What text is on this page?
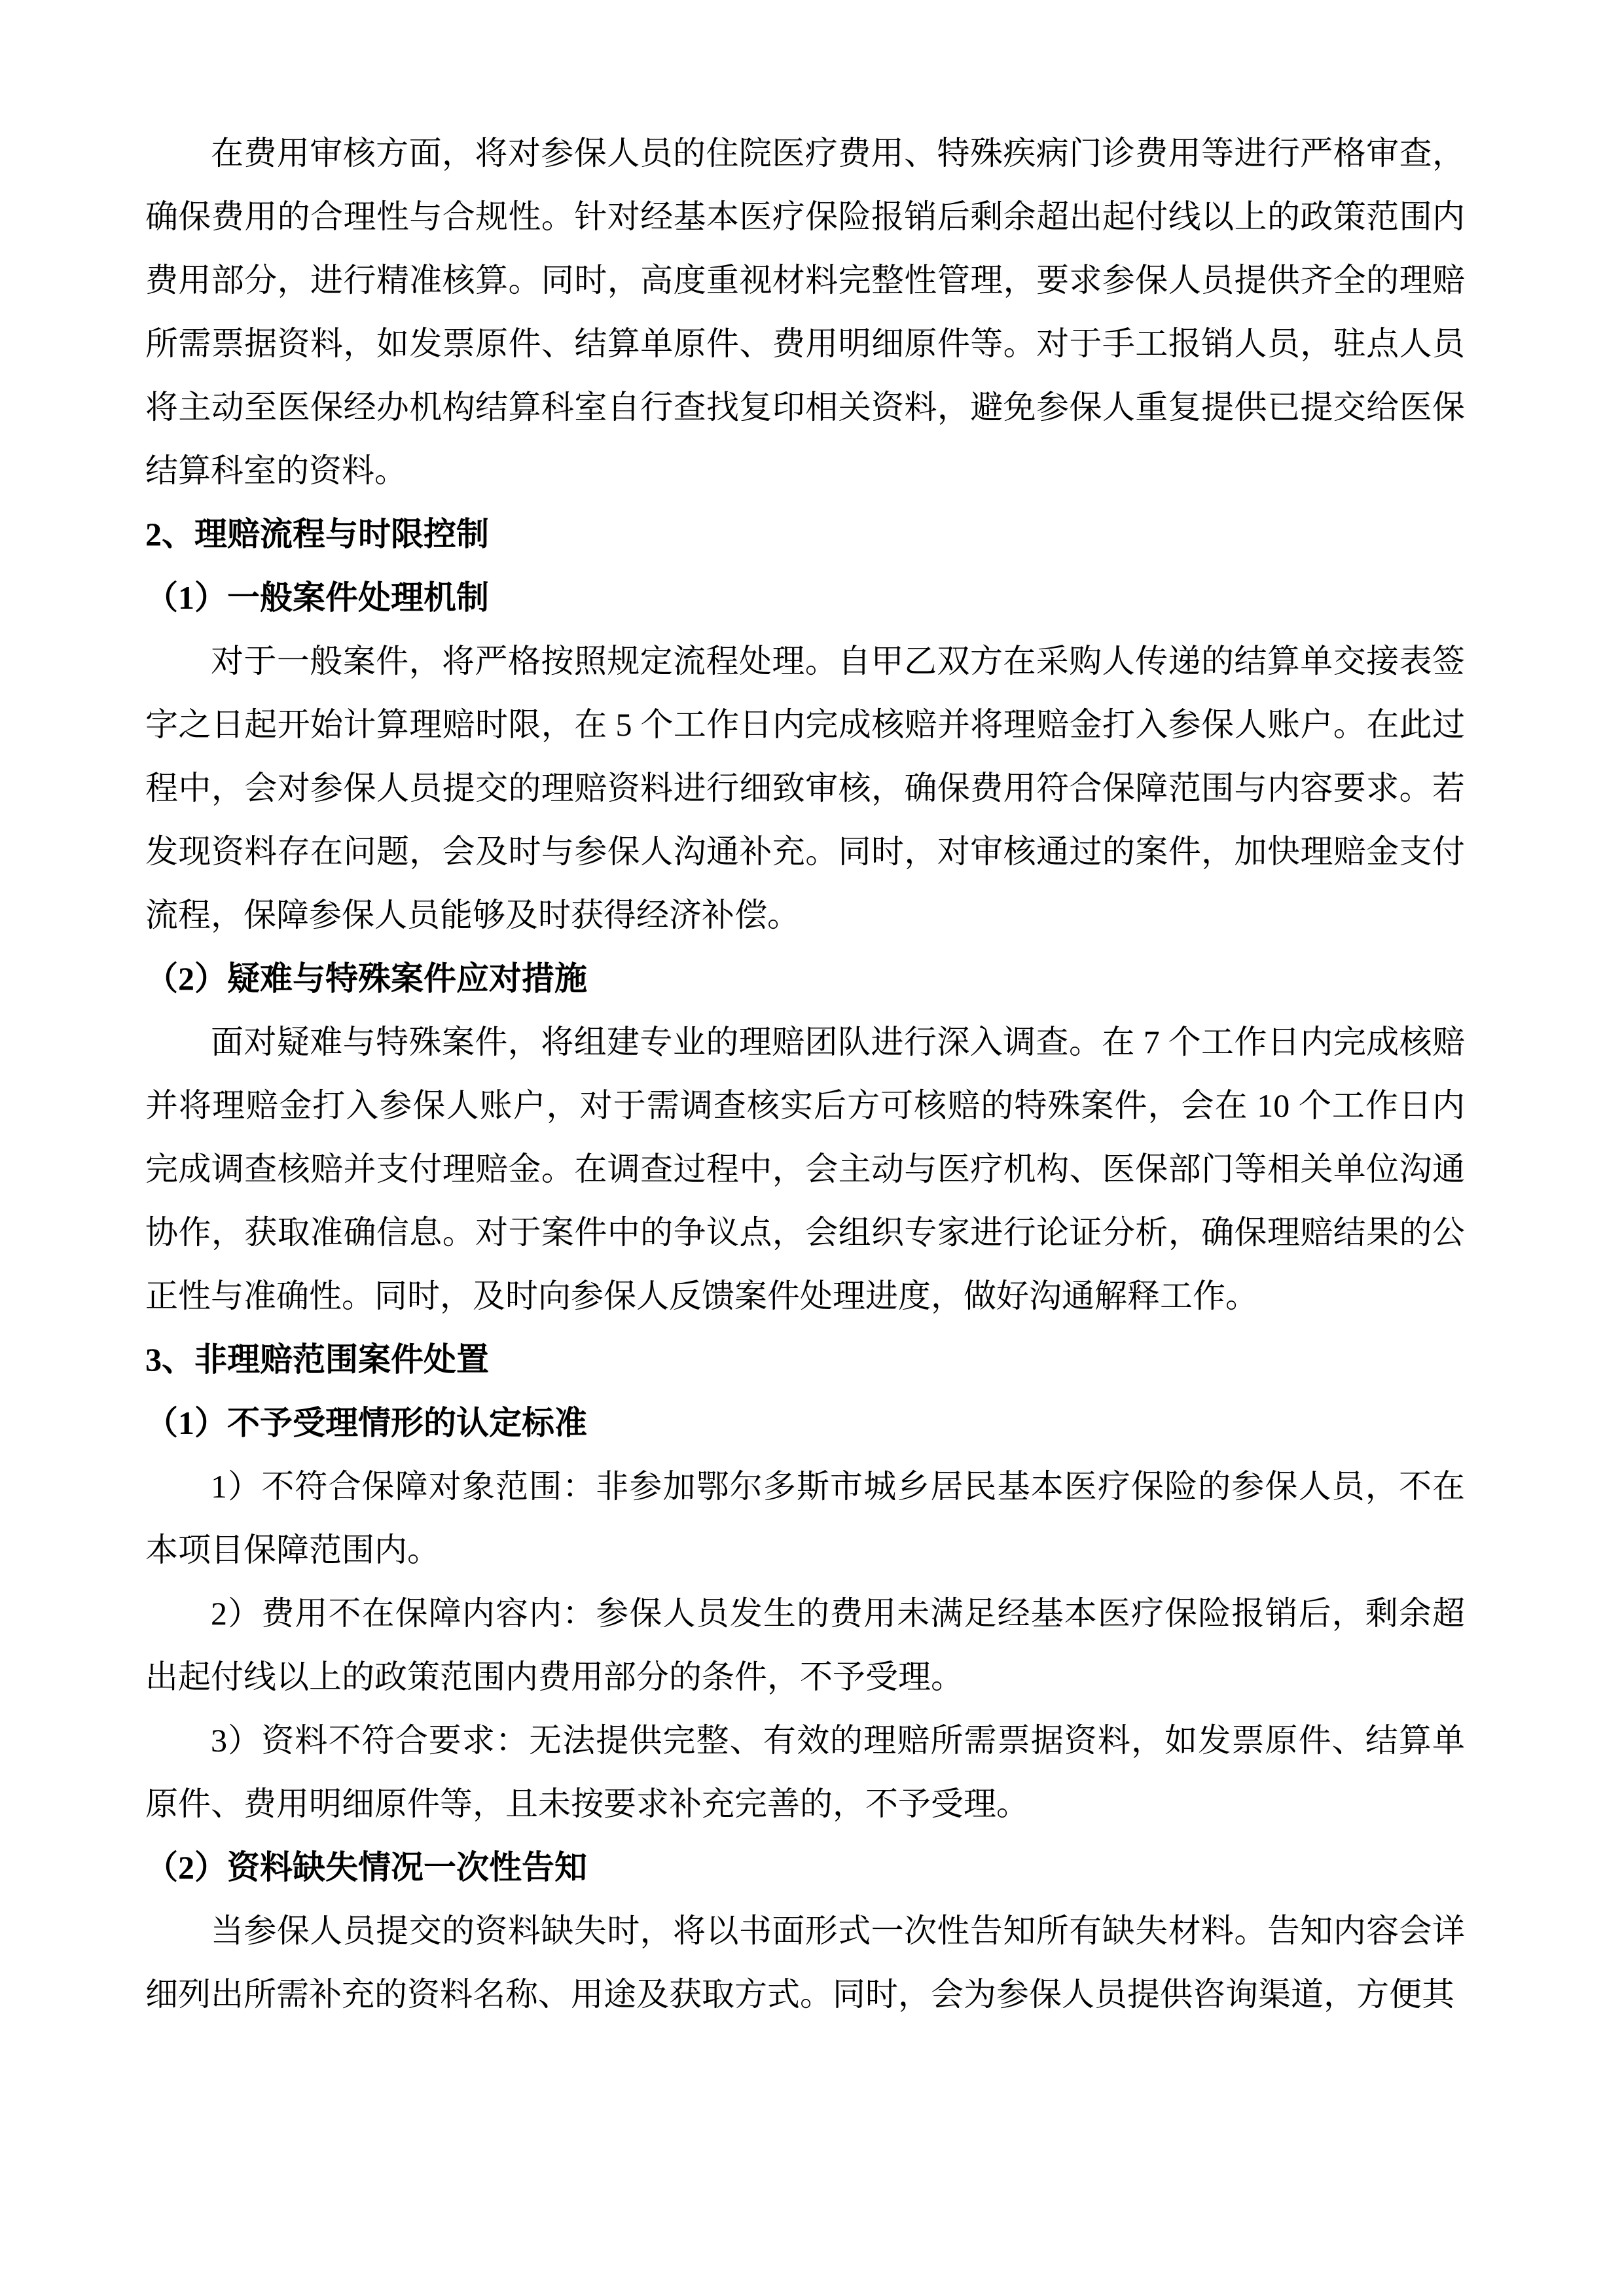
在费用审核方面，将对参保人员的住院医疗费用、特殊疾病门诊费用等进行严格审查，确保费用的合理性与合规性。针对经基本医疗保险报销后剩余超出起付线以上的政策范围内费用部分，进行精准核算。同时，高度重视材料完整性管理，要求参保人员提供齐全的理赔所需票据资料，如发票原件、结算单原件、费用明细原件等。对于手工报销人员，驻点人员将主动至医保经办机构结算科室自行查找复印相关资料，避免参保人重复提供已提交给医保结算科室的资料。
2、理赔流程与时限控制
（1）一般案件处理机制
对于一般案件，将严格按照规定流程处理。自甲乙双方在采购人传递的结算单交接表签字之日起开始计算理赔时限，在 5 个工作日内完成核赔并将理赔金打入参保人账户。在此过程中，会对参保人员提交的理赔资料进行细致审核，确保费用符合保障范围与内容要求。若发现资料存在问题，会及时与参保人沟通补充。同时，对审核通过的案件，加快理赔金支付流程，保障参保人员能够及时获得经济补偿。
（2）疑难与特殊案件应对措施
面对疑难与特殊案件，将组建专业的理赔团队进行深入调查。在 7 个工作日内完成核赔并将理赔金打入参保人账户，对于需调查核实后方可核赔的特殊案件，会在 10 个工作日内完成调查核赔并支付理赔金。在调查过程中，会主动与医疗机构、医保部门等相关单位沟通协作，获取准确信息。对于案件中的争议点，会组织专家进行论证分析，确保理赔结果的公正性与准确性。同时，及时向参保人反馈案件处理进度，做好沟通解释工作。
3、非理赔范围案件处置
（1）不予受理情形的认定标准
1）不符合保障对象范围：非参加鄂尔多斯市城乡居民基本医疗保险的参保人员，不在本项目保障范围内。
2）费用不在保障内容内：参保人员发生的费用未满足经基本医疗保险报销后，剩余超出起付线以上的政策范围内费用部分的条件，不予受理。
3）资料不符合要求：无法提供完整、有效的理赔所需票据资料，如发票原件、结算单原件、费用明细原件等，且未按要求补充完善的，不予受理。
（2）资料缺失情况一次性告知
当参保人员提交的资料缺失时，将以书面形式一次性告知所有缺失材料。告知内容会详细列出所需补充的资料名称、用途及获取方式。同时，会为参保人员提供咨询渠道，方便其
